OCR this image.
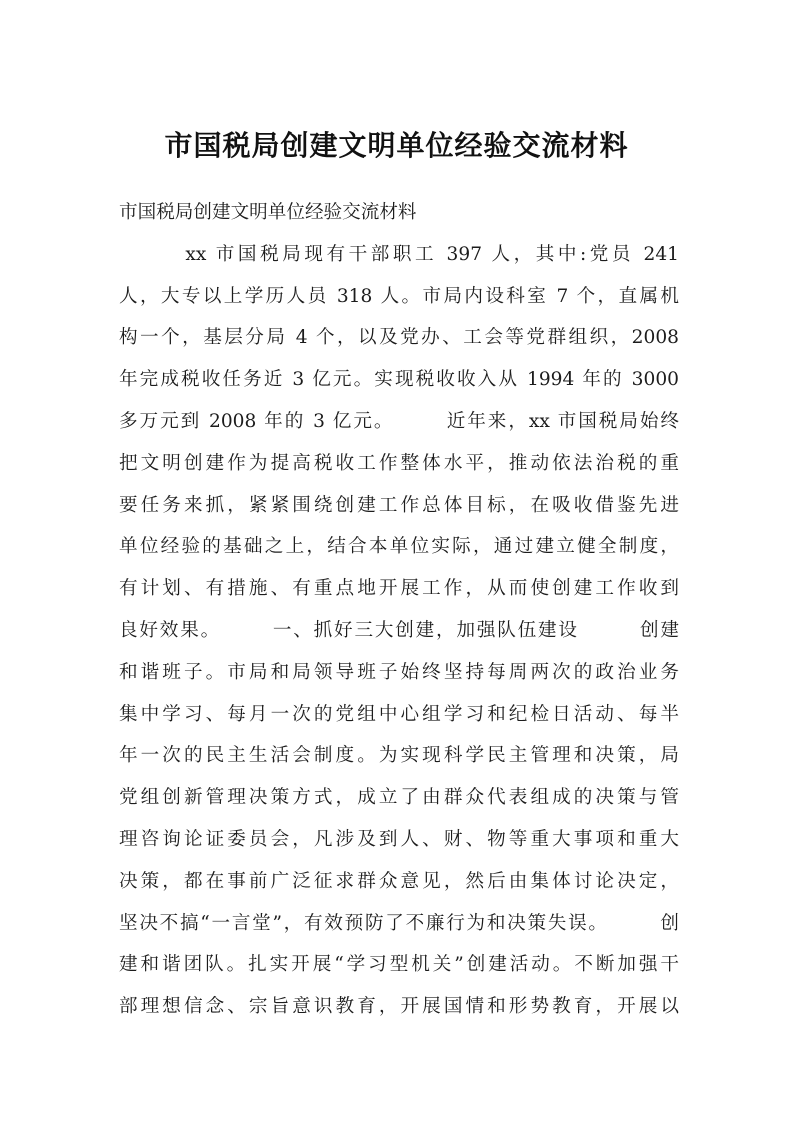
市国税局创建文明单位经验交流材料
市国税局创建文明单位经验交流材料
　　　xx 市国税局现有干部职工 397 人，其中:党员 241
人，大专以上学历人员 318 人。市局内设科室 7 个，直属机
构一个，基层分局 4 个，以及党办、工会等党群组织，2008
年完成税收任务近 3 亿元。实现税收收入从 1994 年的 3000
多万元到 2008 年的 3 亿元。　　　近年来，xx 市国税局始终
把文明创建作为提高税收工作整体水平，推动依法治税的重
要任务来抓，紧紧围绕创建工作总体目标，在吸收借鉴先进
单位经验的基础之上，结合本单位实际，通过建立健全制度，
有计划、有措施、有重点地开展工作，从而使创建工作收到
良好效果。　　　一、抓好三大创建，加强队伍建设　　　创建
和谐班子。市局和局领导班子始终坚持每周两次的政治业务
集中学习、每月一次的党组中心组学习和纪检日活动、每半
年一次的民主生活会制度。为实现科学民主管理和决策，局
党组创新管理决策方式，成立了由群众代表组成的决策与管
理咨询论证委员会，凡涉及到人、财、物等重大事项和重大
决策，都在事前广泛征求群众意见，然后由集体讨论决定，
坚决不搞“一言堂”，有效预防了不廉行为和决策失误。　　　创
建和谐团队。扎实开展“学习型机关”创建活动。不断加强干
部理想信念、宗旨意识教育，开展国情和形势教育，开展以
